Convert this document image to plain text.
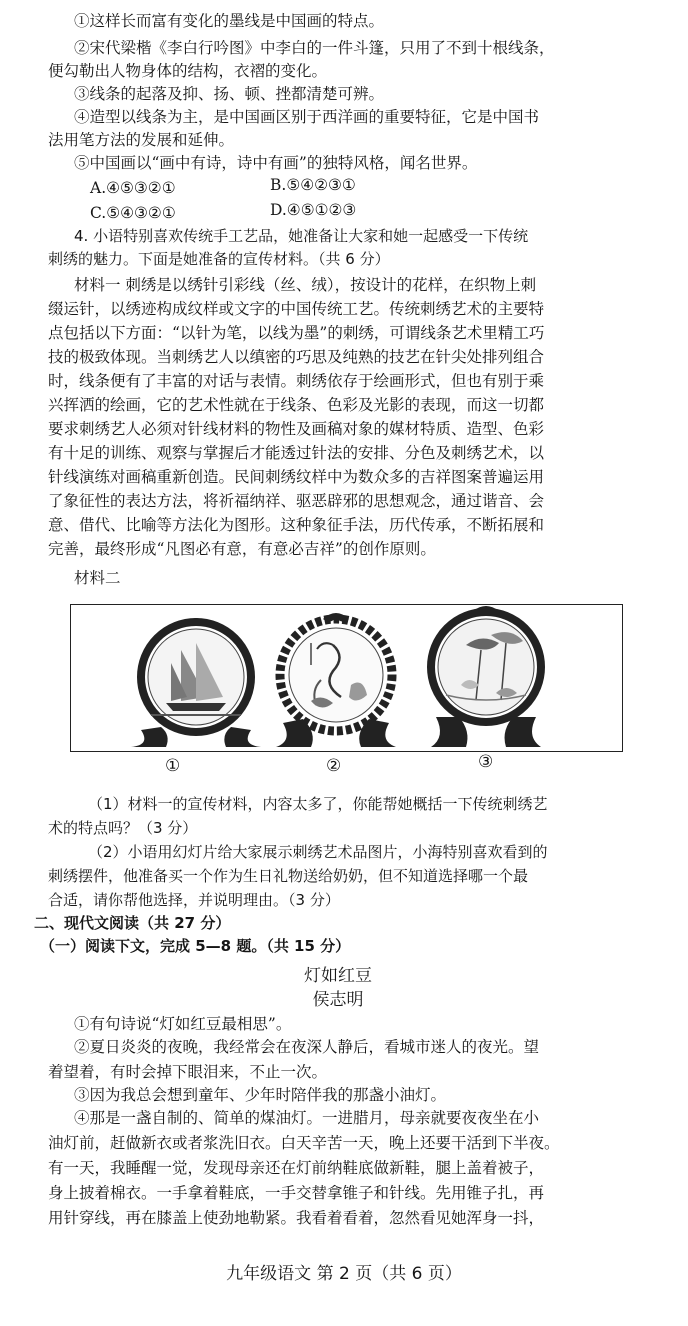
①这样长而富有变化的墨线是中国画的特点。
②宋代梁楷《李白行吟图》中李白的一件斗篷，只用了不到十根线条，
便勾勒出人物身体的结构，衣褶的变化。
③线条的起落及抑、扬、顿、挫都清楚可辨。
④造型以线条为主，是中国画区别于西洋画的重要特征，它是中国书
法用笔方法的发展和延伸。
⑤中国画以“画中有诗，诗中有画”的独特风格，闻名世界。
A.④⑤③②①	B.⑤④②③①
C.⑤④③②①	D.④⑤①②③
4. 小语特别喜欢传统手工艺品，她准备让大家和她一起感受一下传统
刺绣的魅力。下面是她准备的宣传材料。（共 6 分）
材料一 刺绣是以绣针引彩线（丝、绒），按设计的花样，在织物上刺
缀运针，以绣迹构成纹样或文字的中国传统工艺。传统刺绣艺术的主要特
点包括以下方面：“以针为笔，以线为墨”的刺绣，可谓线条艺术里精工巧
技的极致体现。当刺绣艺人以缜密的巧思及纯熟的技艺在针尖处排列组合
时，线条便有了丰富的对话与表情。刺绣依存于绘画形式，但也有别于乘
兴挥洒的绘画，它的艺术性就在于线条、色彩及光影的表现，而这一切都
要求刺绣艺人必须对针线材料的物性及画稿对象的媒材特质、造型、色彩
有十足的训练、观察与掌握后才能透过针法的安排、分色及刺绣艺术，以
针线演练对画稿重新创造。民间刺绣纹样中为数众多的吉祥图案普遍运用
了象征性的表达方法，将祈福纳祥、驱恶辟邪的思想观念，通过谐音、会
意、借代、比喻等方法化为图形。这种象征手法，历代传承，不断拓展和
完善，最终形成“凡图必有意，有意必吉祥”的创作原则。
材料二
①	②	③
（1）材料一的宣传材料，内容太多了，你能帮她概括一下传统刺绣艺
术的特点吗？（3 分）
（2）小语用幻灯片给大家展示刺绣艺术品图片，小海特别喜欢看到的
刺绣摆件，他准备买一个作为生日礼物送给奶奶，但不知道选择哪一个最
合适，请你帮他选择，并说明理由。（3 分）
二、现代文阅读（共 27 分）
（一）阅读下文，完成 5—8 题。（共 15 分）
灯如红豆
侯志明
①有句诗说“灯如红豆最相思”。
②夏日炎炎的夜晚，我经常会在夜深人静后，看城市迷人的夜光。望
着望着，有时会掉下眼泪来，不止一次。
③因为我总会想到童年、少年时陪伴我的那盏小油灯。
④那是一盏自制的、简单的煤油灯。一进腊月，母亲就要夜夜坐在小
油灯前，赶做新衣或者浆洗旧衣。白天辛苦一天，晚上还要干活到下半夜。
有一天，我睡醒一觉，发现母亲还在灯前纳鞋底做新鞋，腿上盖着被子，
身上披着棉衣。一手拿着鞋底，一手交替拿锥子和针线。先用锥子扎，再
用针穿线，再在膝盖上使劲地勒紧。我看着看着，忽然看见她浑身一抖，
九年级语文 第 2 页（共 6 页）
